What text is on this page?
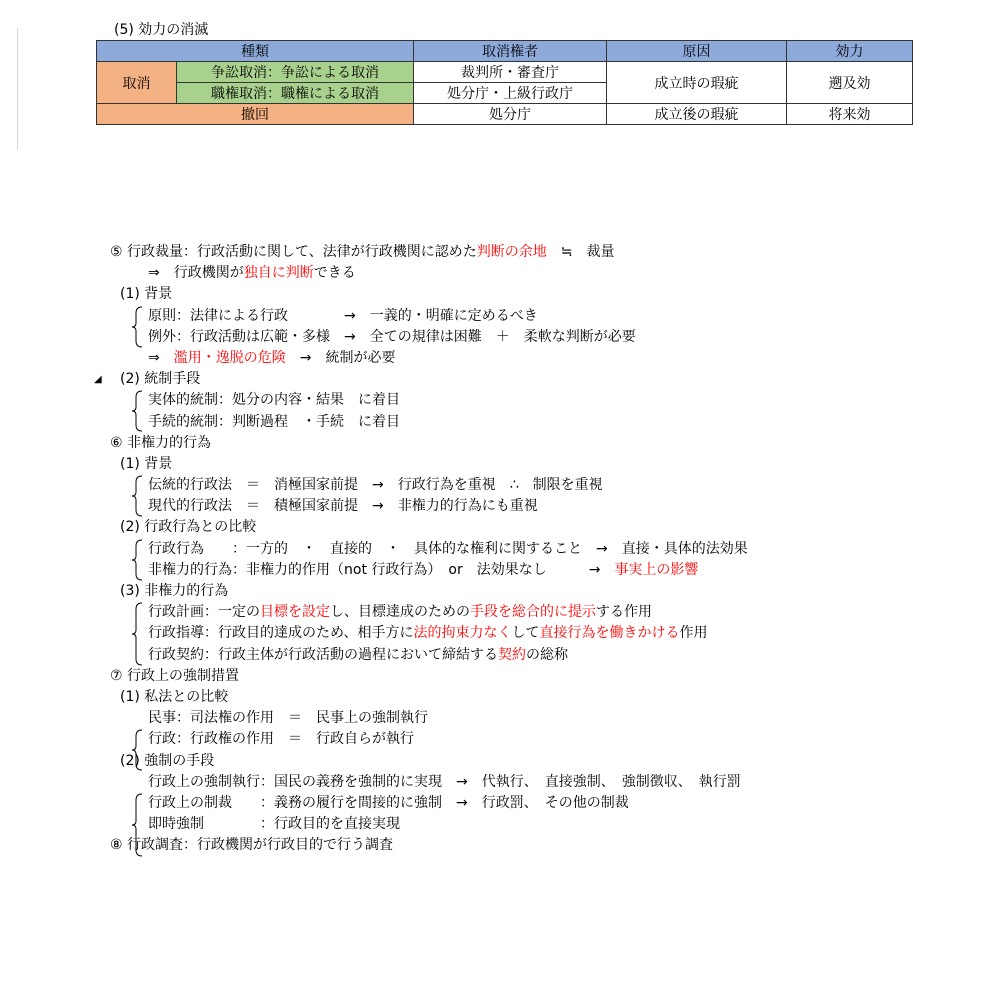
(5) 効力の消滅
種類		取消権者	原因	効力
取消	争訟取消：争訟による取消	裁判所・審査庁	成立時の瑕疵	遡及効
	職権取消：職権による取消	処分庁・上級行政庁		
撤回		処分庁	成立後の瑕疵	将来効
⑤ 行政裁量：行政活動に関して、法律が行政機関に認めた判断の余地　≒　裁量
⇒　行政機関が独自に判断できる
(1) 背景
原則：法律による行政　　　　→　一義的・明確に定めるべき
例外：行政活動は広範・多様　→　全ての規律は困難　＋　柔軟な判断が必要
⇒　濫用・逸脱の危険　→　統制が必要
◢ (2) 統制手段
実体的統制：処分の内容・結果　に着目
手続的統制：判断過程　・手続　に着目
⑥ 非権力的行為
(1) 背景
伝統的行政法　＝　消極国家前提　→　行政行為を重視　∴　制限を重視
現代的行政法　＝　積極国家前提　→　非権力的行為にも重視
(2) 行政行為との比較
行政行為　　：一方的　・　直接的　・　具体的な権利に関すること　→　直接・具体的法効果
非権力的行為：非権力的作用（not 行政行為）　or　法効果なし　　　→　事実上の影響
(3) 非権力的行為
行政計画：一定の目標を設定し、目標達成のための手段を総合的に提示する作用
行政指導：行政目的達成のため、相手方に法的拘束力なくして直接行為を働きかける作用
行政契約：行政主体が行政活動の過程において締結する契約の総称
⑦ 行政上の強制措置
(1) 私法との比較
民事：司法権の作用　＝　民事上の強制執行
行政：行政権の作用　＝　行政自らが執行
(2) 強制の手段
行政上の強制執行：国民の義務を強制的に実現　→　代執行、　直接強制、　強制徴収、　執行罰
行政上の制裁　　：義務の履行を間接的に強制　→　行政罰、　その他の制裁
即時強制　　　　：行政目的を直接実現
⑧ 行政調査：行政機関が行政目的で行う調査
